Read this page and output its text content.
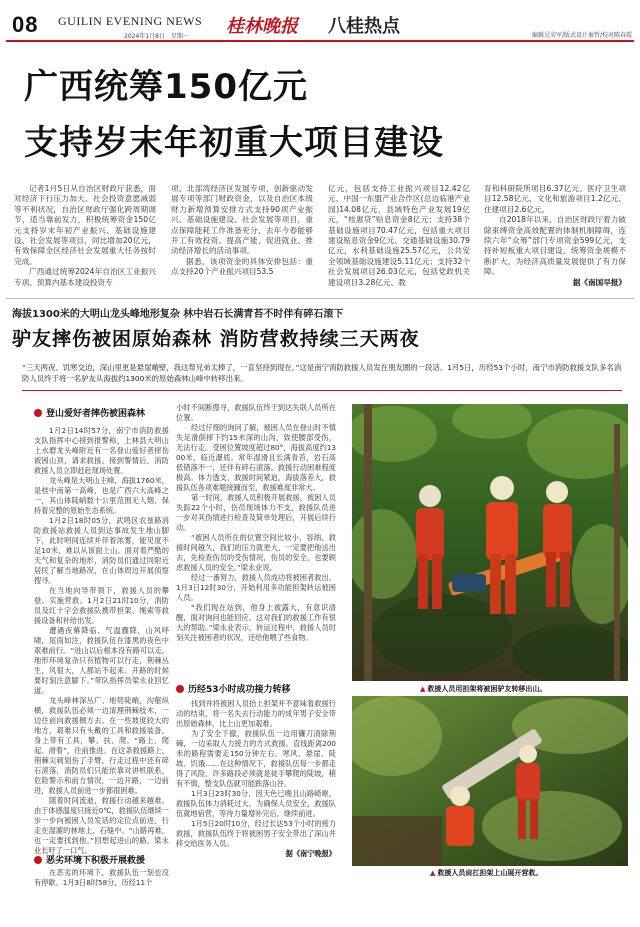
08 GUILIN EVENING NEWS
2024年1月8日　星期一 桂林晚报 八桂热点	编辑吴荣军/版式设计秦哲/校对陈春霞
广西统筹150亿元
支持岁末年初重大项目建设

记者1月5日从自治区财政厅获悉，面对经济下行压力加大、社会投资意愿减弱等不利状况，自治区财政厅强化跨周期调节，适当靠前发力，积极统筹资金150亿元支持岁末年初产业振兴、基础设施建设、社会发展等项目，同比增加20亿元，有效保障全区经济社会发展重大任务按时完成。

广西通过统筹2024年自治区工业振兴专项、预算内基本建设投资专

项、北部湾经济区发展专项、创新驱动发展专项等部门财政资金，以及自治区本级财力新增预算安排方式支持90项产业振兴、基础设施建设、社会发展等项目，重点保障能耗工作准备充分、去年今春能够开工有效投资、提高产能、促进就业、推动经济增长的活动事项。

据悉，该项资金的具体安排包括：重点支持20个产业振兴项目53.5

亿元，包括支持工业振兴项目12.42亿元、中国一东盟产业合作区(总边临港产业园)14.08亿元，县域特色产业发展19亿元，“桂惠贷”贴息资金8亿元；支持38个基础设施项目70.47亿元，包括重大项目建设贴息资金9亿元、交通基础设施30.79亿元，水利基础设施25.57亿元，公共安全领域基础设施建设5.11亿元；支持32个社会发展项目26.03亿元，包括党政机关建设项目3.28亿元、教

育和科研院所项目6.37亿元、医疗卫生项目12.58亿元、文化和旅游项目1.2亿元、住建项目2.6亿元。

自2018年以来，自治区财政厅着力破除束缚资金高效配置的体制机制障碍，连续六年“众筹”部门专项资金599亿元，支持补短板重大项目建设，统筹资金规模不断扩大，为经济高质量发展提供了有力保障。

据《南国早报》

海拔1300米的大明山龙头峰地形复杂 林中岩石长满青苔不时伴有碎石滚下
驴友摔伤被困原始森林 消防营救持续三天两夜
“三天两夜、饥寒交迫，深山里更是悬崖峭壁，我这帮兄弟太棒了，一直坚持到现在。”这是南宁消防救援人员发在朋友圈的一段话。1月5日，历经53个小时，南宁市消防救援支队多名消防人员终于将一名驴友从海拔约1300米的原始森林山峰中转移出来。
登山爱好者摔伤被困森林

1月2日14时57分，南宁市消防救援支队指挥中心接到报警称，上林县大明山上水磨龙头峰附近有一名登山爱好者摔伤被困山顶，请求救援。接到警情后，消防救援人员立即赶赴现场处置。

龙头峰是大明山主峰，海拔1760米，是桂中南第一高峰，也是广西六大高峰之一，其山体陡峭数十公里范围无人烟，保持着完整的原始生态系统。

1月2日18时05分，武鸣区农垦路消防救援站救援人员到达事故发生地山脚下，此时明间连续并伴着浓雾，能见度不足10米，难以从该面上山。面对着严酷的天气和复杂的地形，消防员们通过同附近居民了解当地路况，在山体周边开展侦察搜寻。

在当地向导带领下，救援人员的攀登、实施营救。1月2日21时10分，消防员及红十字会救援队携带担架、绳索等救援设备和补给出发。

遭遇夜幕降临、气温骤降，山风呼啸，尾雨如注，救援队伍在漆黑的夜色中艰难前行。“进山以后根本没有路可以走，地形环境复杂只有植物可以行走，荆棘丛生，风很大，人都站不起来。开路的时候要时刻注意脚下。”带队指挥员梁永业回忆道。

龙头峰林深丛广、地势陡峭，沟壑纵横，救援队伍必须一边清理荆棘枝木，一边往前向救援侧方去。在一些坡度较大的地方，艰难只有头戴的工具和救援装备，身上带有工具，攀、扶、爬。“路上、爬起、滑着”，往前推进。在这条救援路上，荆棘尖刺划伤了手臂，行走过程中还有碎石滚落，消防员们只能依靠对讲机联系，危险警示和前方情况，一边开路，一边前进，救援人员前进一步都很困难。

随着时间流逝，救援行动越来越难。由于体感温度只接近0℃，救援队伍继续一步一步向被困人员发话的定位点前进，行走在湿漉的林地上、石缝中。“山路再难，也一定要找到他。”回想起进山的路，梁永业长吁了一口气。

恶劣环境下积极开展救援

在恶劣的环境下，救援队伍一刻也没有停歇。1月3日8时58分，历经11个

小时不间断搜寻，救援队伍终于到达失联人员所在位置。

经过仔细的询问了解，被困人员在登山时不慎失足滑倒摔下约15米深的山沟，致使腰部受伤，无法行走。受困位置坡度超过80°，海拔高度约1300米，临近瀑底。常年湿滑且长满青苔，岩石高低错落不一，还伴有碎石滚落。救援行动困难程度极高。体力透支、救援时间紧迫，海拔落差大，救援队伍各项难题接踵而至，救援难度非常大。

第一时间，救援人员积极开展救援，被困人员失踪22个小时，伤员现场体力不支，救援队员进一步对其伤情进行检查及简单处理后，开展后续行动。

“被困人员所在的位置空间比较小，容纳、救援时间越久，我们的压力就更大，一定要把他送出去，先检查伤员的受伤情况，伤员的安全，也要顾虑救援人员的安全。”梁永业说。

经过一番努力，救援人员成功将被困者救出，1月3日12时30分，开始利用多功能担架转运被困人员。

“我们现在站到，他身上被露大，有意识清醒，面对询问也能回应，这对我们的救援工作有很大的帮助。”梁永业表示，转运过程中，救援人员时刻关注被困者的状况，还给他喂了些食物。

历经53小时成功接力转移

找到并将被困人员抬上担架并不意味着救援行动的结束，将一名失去行动能力的成年男子安全带出原始森林，比上山更加艰难。

为了安全下撤，救援队伍一边用镰刀清除荆棘，一边采取人力接力的方式救援。直线距离200米的路程需要走150分钟左右。寒风、悬崖、陡坡、饥饿……在这种情况下，救援队伍每一步都走得了风险，许多路段必须就是徒手攀爬的陡坡，稍有不慎，整支队伍就可能跌落山谷。

1月3日23时30分，因天色已晚且山路崎岖，救援队伍体力消耗过大，为确保人员安全，救援队伍就地宿营，等待力量增补完后，继续前进。

1月5日20时10分，经过长达53个小时的接力救援，救援队伍终于将被困男子安全带出了深山并移交给医务人员。

据《南宁晚报》

▲ 救援人员用担架将被困驴友转移出山。
▲ 救援人员肩扛担架上山展开营救。
